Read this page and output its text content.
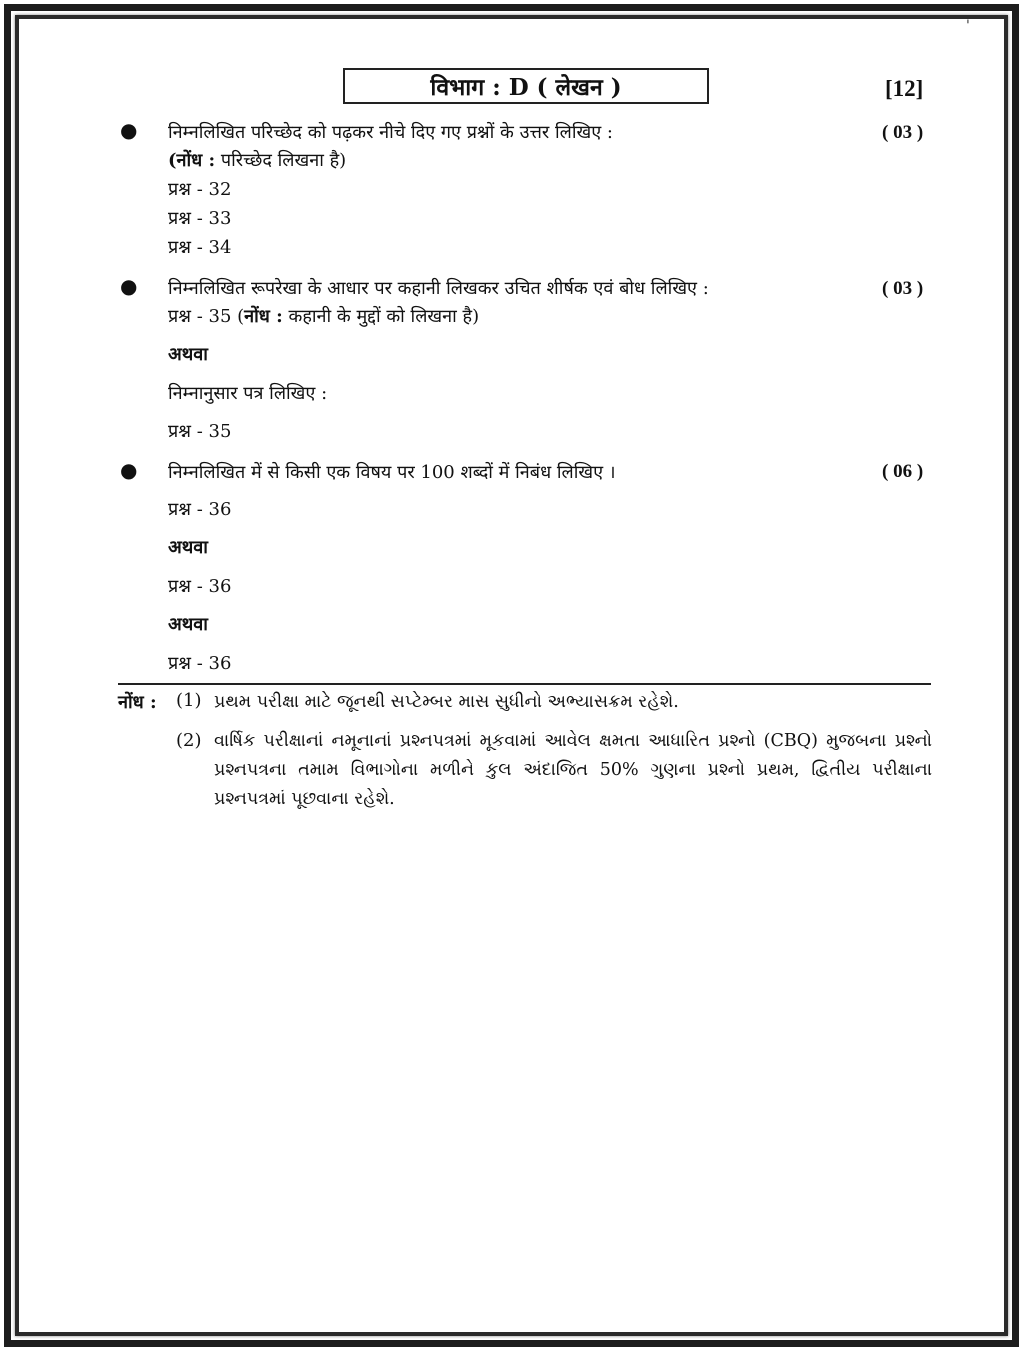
'
विभाग : D ( लेखन )	[12]
● निम्नलिखित परिच्छेद को पढ़कर नीचे दिए गए प्रश्नों के उत्तर लिखिए :	( 03 )
(नोंध : परिच्छेद लिखना है)
प्रश्न - 32
प्रश्न - 33
प्रश्न - 34
● निम्नलिखित रूपरेखा के आधार पर कहानी लिखकर उचित शीर्षक एवं बोध लिखिए :	( 03 )
प्रश्न - 35 (नोंध : कहानी के मुद्दों को लिखना है)
अथवा
निम्नानुसार पत्र लिखिए :
प्रश्न - 35
● निम्नलिखित में से किसी एक विषय पर 100 शब्दों में निबंध लिखिए ।	( 06 )
प्रश्न - 36
अथवा
प्रश्न - 36
अथवा
प्रश्न - 36
नोंध : (1) પ્રથમ પરીક્ષા માટે જૂનથી સપ્ટેમ્બર માસ સુધીનો અભ્યાસક્રમ રહેશે.
(2) વાર્ષિક પરીક્ષાનાં નમૂનાનાં પ્રશ્નપત્રમાં મૂકવામાં આવેલ ક્ષમતા આધારિત પ્રશ્નો (CBQ) મુજબના પ્રશ્નો પ્રશ્નપત્રના તમામ વિભાગોના મળીને કુલ અંદાજિત 50% ગુણના પ્રશ્નો પ્રથમ, દ્વિતીય પરીક્ષાના પ્રશ્નપત્રમાં પૂછવાના રહેશે.
